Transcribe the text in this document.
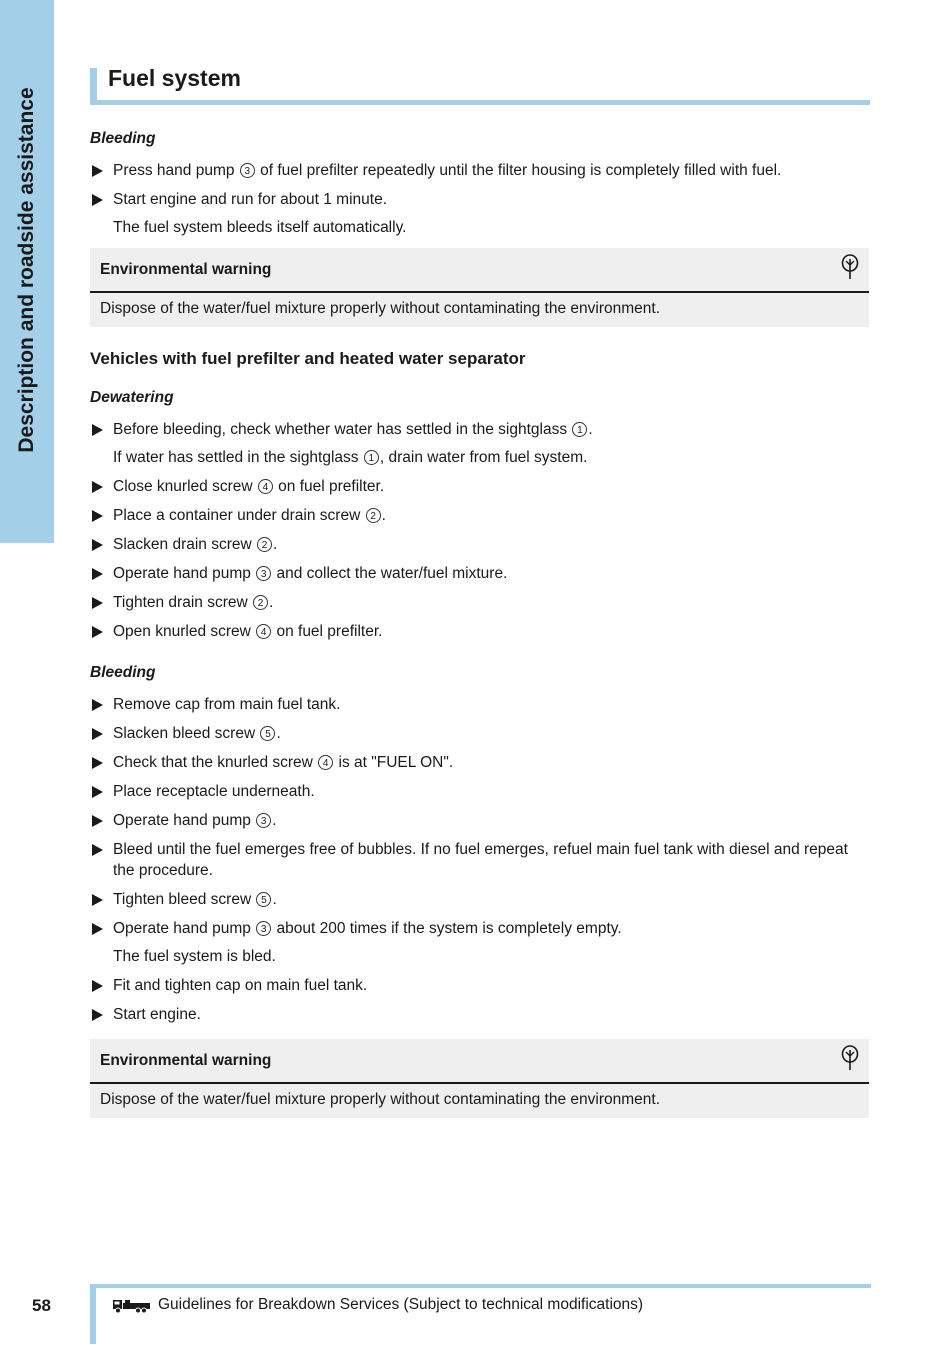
Description and roadside assistance
Fuel system
Bleeding
Press hand pump 3 of fuel prefilter repeatedly until the filter housing is completely filled with fuel.
Start engine and run for about 1 minute.
The fuel system bleeds itself automatically.
Environmental warning
Dispose of the water/fuel mixture properly without contaminating the environment.
Vehicles with fuel prefilter and heated water separator
Dewatering
Before bleeding, check whether water has settled in the sightglass 1 .
If water has settled in the sightglass 1 , drain water from fuel system.
Close knurled screw 4 on fuel prefilter.
Place a container under drain screw 2 .
Slacken drain screw 2 .
Operate hand pump 3 and collect the water/fuel mixture.
Tighten drain screw 2 .
Open knurled screw 4 on fuel prefilter.
Bleeding
Remove cap from main fuel tank.
Slacken bleed screw 5 .
Check that the knurled screw 4 is at "FUEL ON".
Place receptacle underneath.
Operate hand pump 3 .
Bleed until the fuel emerges free of bubbles. If no fuel emerges, refuel main fuel tank with diesel and repeat the procedure.
Tighten bleed screw 5 .
Operate hand pump 3 about 200 times if the system is completely empty.
The fuel system is bled.
Fit and tighten cap on main fuel tank.
Start engine.
Environmental warning
Dispose of the water/fuel mixture properly without contaminating the environment.
58	Guidelines for Breakdown Services (Subject to technical modifications)
